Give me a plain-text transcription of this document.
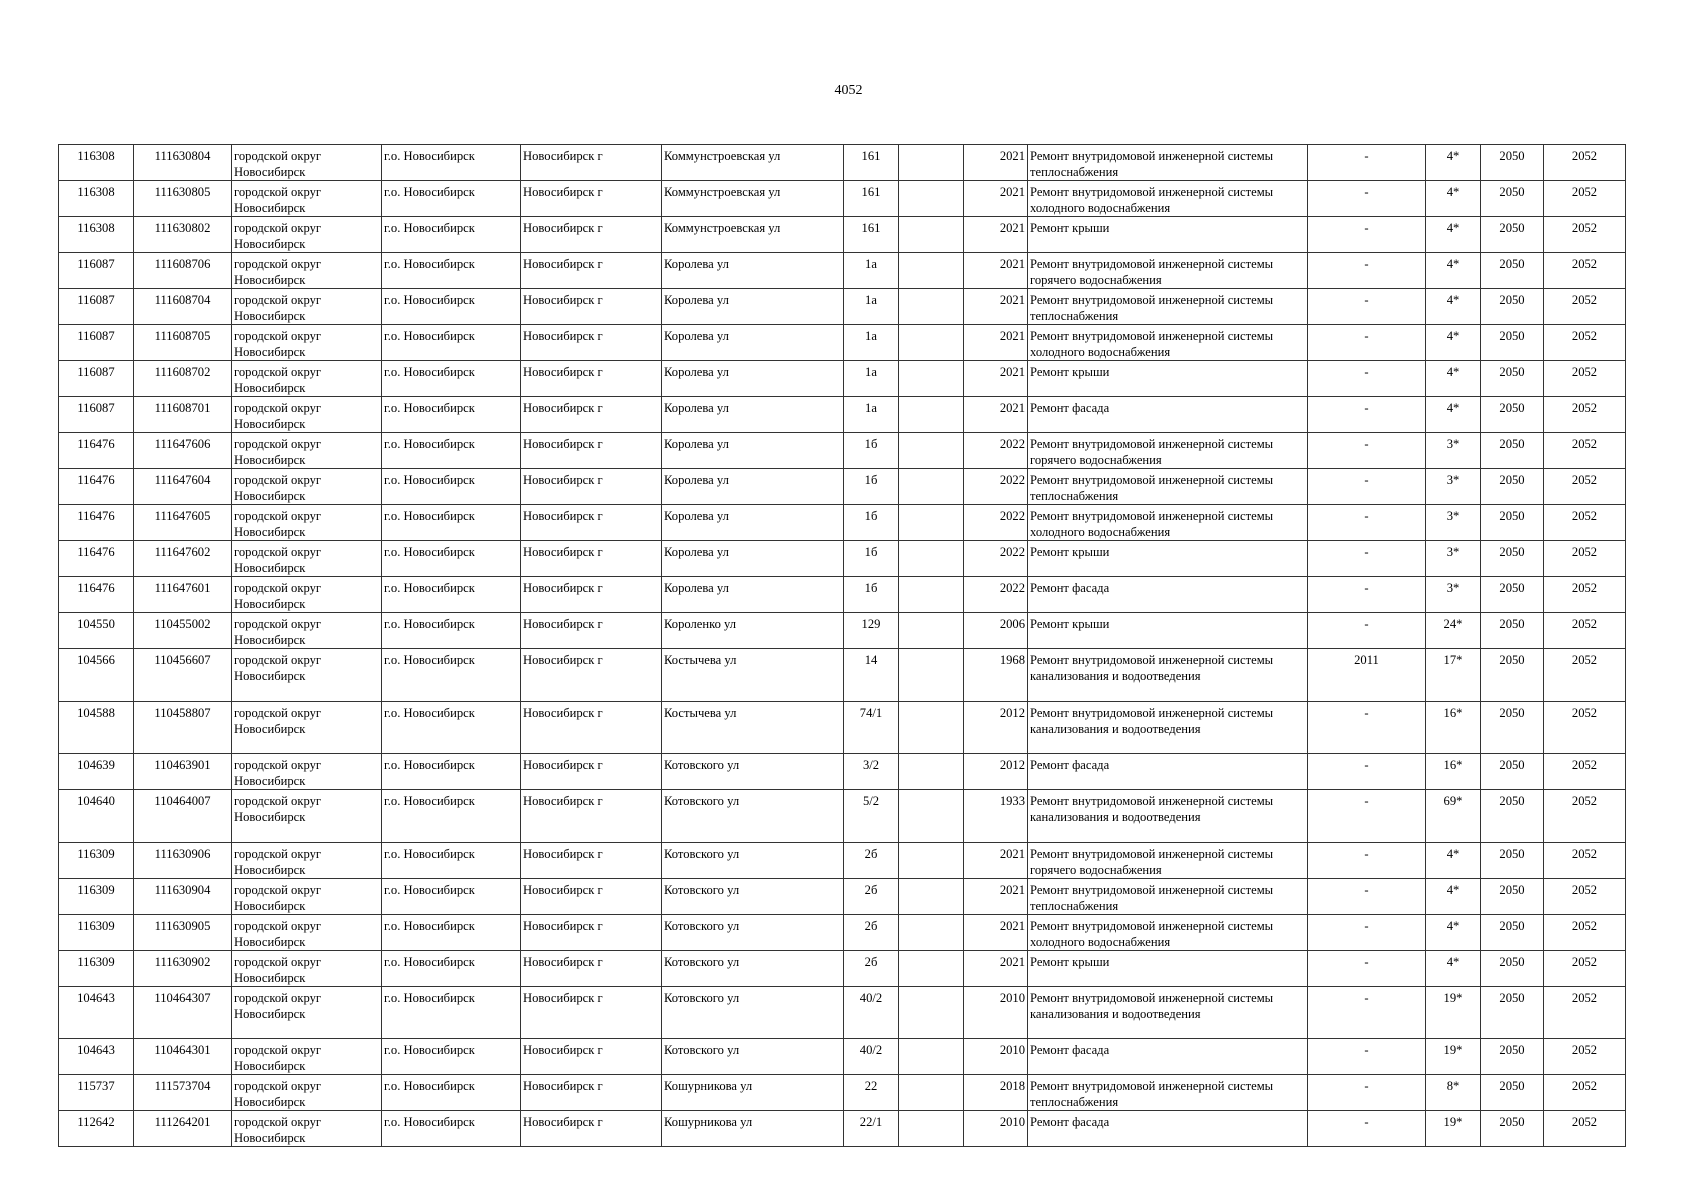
4052
116308	111630804	городской округ Новосибирск	г.о. Новосибирск	Новосибирск г	Коммунстроевская ул	161		2021	Ремонт внутридомовой инженерной системы теплоснабжения	-	4*	2050	2052
116308	111630805	городской округ Новосибирск	г.о. Новосибирск	Новосибирск г	Коммунстроевская ул	161		2021	Ремонт внутридомовой инженерной системы холодного водоснабжения	-	4*	2050	2052
116308	111630802	городской округ Новосибирск	г.о. Новосибирск	Новосибирск г	Коммунстроевская ул	161		2021	Ремонт крыши	-	4*	2050	2052
116087	111608706	городской округ Новосибирск	г.о. Новосибирск	Новосибирск г	Королева ул	1а		2021	Ремонт внутридомовой инженерной системы горячего водоснабжения	-	4*	2050	2052
116087	111608704	городской округ Новосибирск	г.о. Новосибирск	Новосибирск г	Королева ул	1а		2021	Ремонт внутридомовой инженерной системы теплоснабжения	-	4*	2050	2052
116087	111608705	городской округ Новосибирск	г.о. Новосибирск	Новосибирск г	Королева ул	1а		2021	Ремонт внутридомовой инженерной системы холодного водоснабжения	-	4*	2050	2052
116087	111608702	городской округ Новосибирск	г.о. Новосибирск	Новосибирск г	Королева ул	1а		2021	Ремонт крыши	-	4*	2050	2052
116087	111608701	городской округ Новосибирск	г.о. Новосибирск	Новосибирск г	Королева ул	1а		2021	Ремонт фасада	-	4*	2050	2052
116476	111647606	городской округ Новосибирск	г.о. Новосибирск	Новосибирск г	Королева ул	1б		2022	Ремонт внутридомовой инженерной системы горячего водоснабжения	-	3*	2050	2052
116476	111647604	городской округ Новосибирск	г.о. Новосибирск	Новосибирск г	Королева ул	1б		2022	Ремонт внутридомовой инженерной системы теплоснабжения	-	3*	2050	2052
116476	111647605	городской округ Новосибирск	г.о. Новосибирск	Новосибирск г	Королева ул	1б		2022	Ремонт внутридомовой инженерной системы холодного водоснабжения	-	3*	2050	2052
116476	111647602	городской округ Новосибирск	г.о. Новосибирск	Новосибирск г	Королева ул	1б		2022	Ремонт крыши	-	3*	2050	2052
116476	111647601	городской округ Новосибирск	г.о. Новосибирск	Новосибирск г	Королева ул	1б		2022	Ремонт фасада	-	3*	2050	2052
104550	110455002	городской округ Новосибирск	г.о. Новосибирск	Новосибирск г	Короленко ул	129		2006	Ремонт крыши	-	24*	2050	2052
104566	110456607	городской округ Новосибирск	г.о. Новосибирск	Новосибирск г	Костычева ул	14		1968	Ремонт внутридомовой инженерной системы канализования и водоотведения	2011	17*	2050	2052
104588	110458807	городской округ Новосибирск	г.о. Новосибирск	Новосибирск г	Костычева ул	74/1		2012	Ремонт внутридомовой инженерной системы канализования и водоотведения	-	16*	2050	2052
104639	110463901	городской округ Новосибирск	г.о. Новосибирск	Новосибирск г	Котовского ул	3/2		2012	Ремонт фасада	-	16*	2050	2052
104640	110464007	городской округ Новосибирск	г.о. Новосибирск	Новосибирск г	Котовского ул	5/2		1933	Ремонт внутридомовой инженерной системы канализования и водоотведения	-	69*	2050	2052
116309	111630906	городской округ Новосибирск	г.о. Новосибирск	Новосибирск г	Котовского ул	2б		2021	Ремонт внутридомовой инженерной системы горячего водоснабжения	-	4*	2050	2052
116309	111630904	городской округ Новосибирск	г.о. Новосибирск	Новосибирск г	Котовского ул	2б		2021	Ремонт внутридомовой инженерной системы теплоснабжения	-	4*	2050	2052
116309	111630905	городской округ Новосибирск	г.о. Новосибирск	Новосибирск г	Котовского ул	2б		2021	Ремонт внутридомовой инженерной системы холодного водоснабжения	-	4*	2050	2052
116309	111630902	городской округ Новосибирск	г.о. Новосибирск	Новосибирск г	Котовского ул	2б		2021	Ремонт крыши	-	4*	2050	2052
104643	110464307	городской округ Новосибирск	г.о. Новосибирск	Новосибирск г	Котовского ул	40/2		2010	Ремонт внутридомовой инженерной системы канализования и водоотведения	-	19*	2050	2052
104643	110464301	городской округ Новосибирск	г.о. Новосибирск	Новосибирск г	Котовского ул	40/2		2010	Ремонт фасада	-	19*	2050	2052
115737	111573704	городской округ Новосибирск	г.о. Новосибирск	Новосибирск г	Кошурникова ул	22		2018	Ремонт внутридомовой инженерной системы теплоснабжения	-	8*	2050	2052
112642	111264201	городской округ Новосибирск	г.о. Новосибирск	Новосибирск г	Кошурникова ул	22/1		2010	Ремонт фасада	-	19*	2050	2052
